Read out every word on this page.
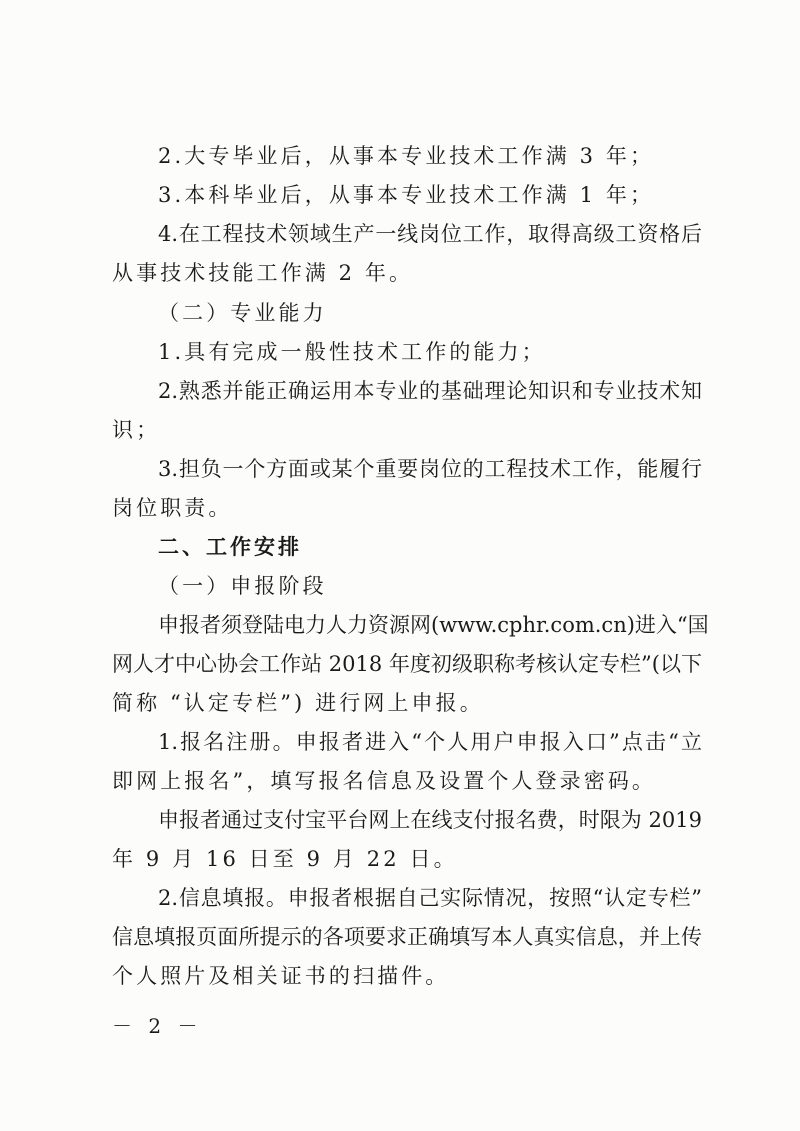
2.大专毕业后，从事本专业技术工作满 3 年；
3.本科毕业后，从事本专业技术工作满 1 年；
4.在工程技术领域生产一线岗位工作，取得高级工资格后
从事技术技能工作满 2 年。
（二）专业能力
1.具有完成一般性技术工作的能力；
2.熟悉并能正确运用本专业的基础理论知识和专业技术知
识；
3.担负一个方面或某个重要岗位的工程技术工作，能履行
岗位职责。
二、工作安排
（一）申报阶段
申报者须登陆电力人力资源网(www.cphr.com.cn)进入“国
网人才中心协会工作站 2018 年度初级职称考核认定专栏”(以下
简称 “认定专栏”) 进行网上申报。
1.报名注册。申报者进入“个人用户申报入口”点击“立
即网上报名”，填写报名信息及设置个人登录密码。
申报者通过支付宝平台网上在线支付报名费，时限为 2019
年 9 月 16 日至 9 月 22 日。
2.信息填报。申报者根据自己实际情况，按照“认定专栏”
信息填报页面所提示的各项要求正确填写本人真实信息，并上传
个人照片及相关证书的扫描件。
－ 2 －
